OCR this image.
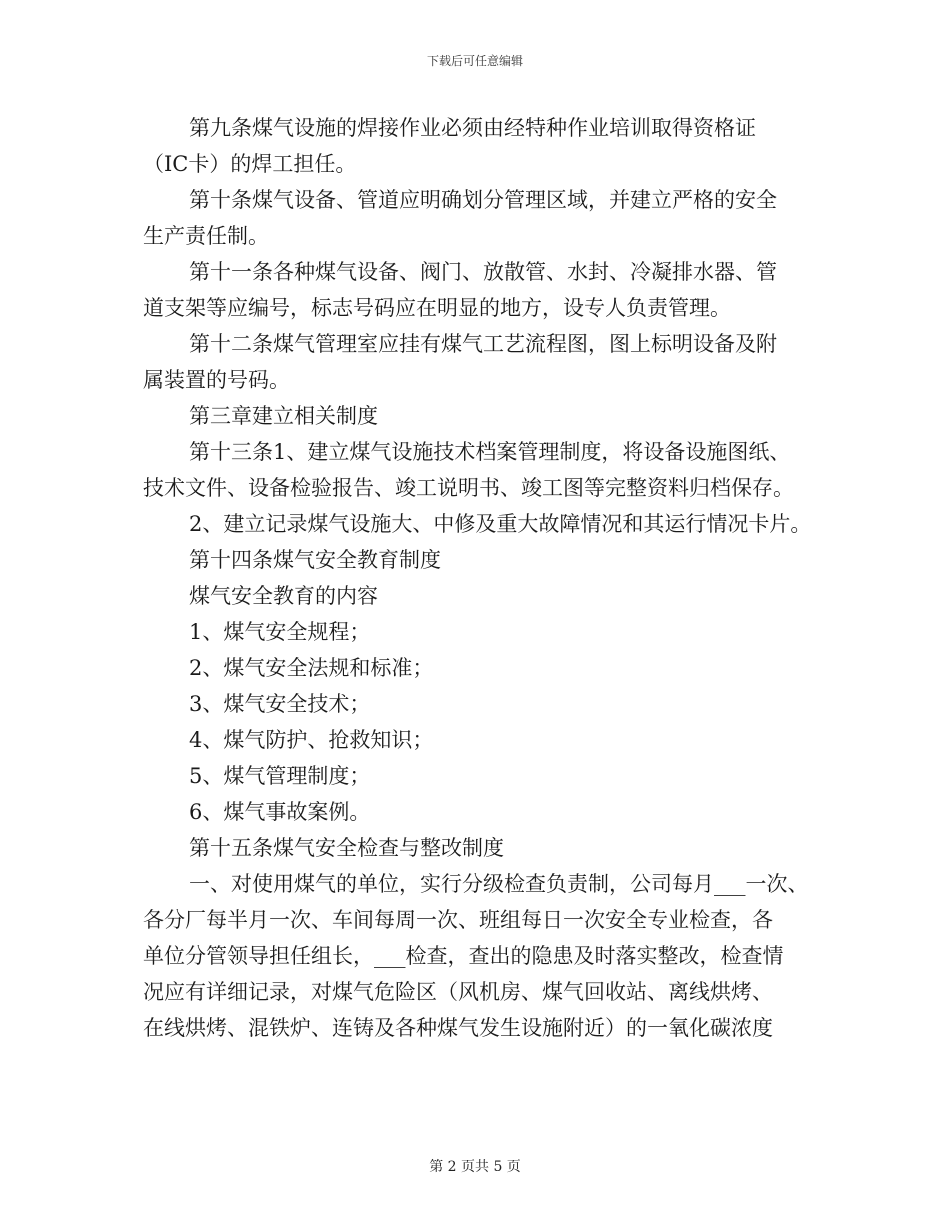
下载后可任意编辑
第九条煤气设施的焊接作业必须由经特种作业培训取得资格证
（IC卡）的焊工担任。
第十条煤气设备、管道应明确划分管理区域，并建立严格的安全
生产责任制。
第十一条各种煤气设备、阀门、放散管、水封、冷凝排水器、管
道支架等应编号，标志号码应在明显的地方，设专人负责管理。
第十二条煤气管理室应挂有煤气工艺流程图，图上标明设备及附
属装置的号码。
第三章建立相关制度
第十三条1、建立煤气设施技术档案管理制度，将设备设施图纸、
技术文件、设备检验报告、竣工说明书、竣工图等完整资料归档保存。
2、建立记录煤气设施大、中修及重大故障情况和其运行情况卡片。
第十四条煤气安全教育制度
煤气安全教育的内容
1、煤气安全规程；
2、煤气安全法规和标准；
3、煤气安全技术；
4、煤气防护、抢救知识；
5、煤气管理制度；
6、煤气事故案例。
第十五条煤气安全检查与整改制度
一、对使用煤气的单位，实行分级检查负责制，公司每月___一次、
各分厂每半月一次、车间每周一次、班组每日一次安全专业检查，各
单位分管领导担任组长，___检查，查出的隐患及时落实整改，检查情
况应有详细记录，对煤气危险区（风机房、煤气回收站、离线烘烤、
在线烘烤、混铁炉、连铸及各种煤气发生设施附近）的一氧化碳浓度
第 2 页共 5 页
